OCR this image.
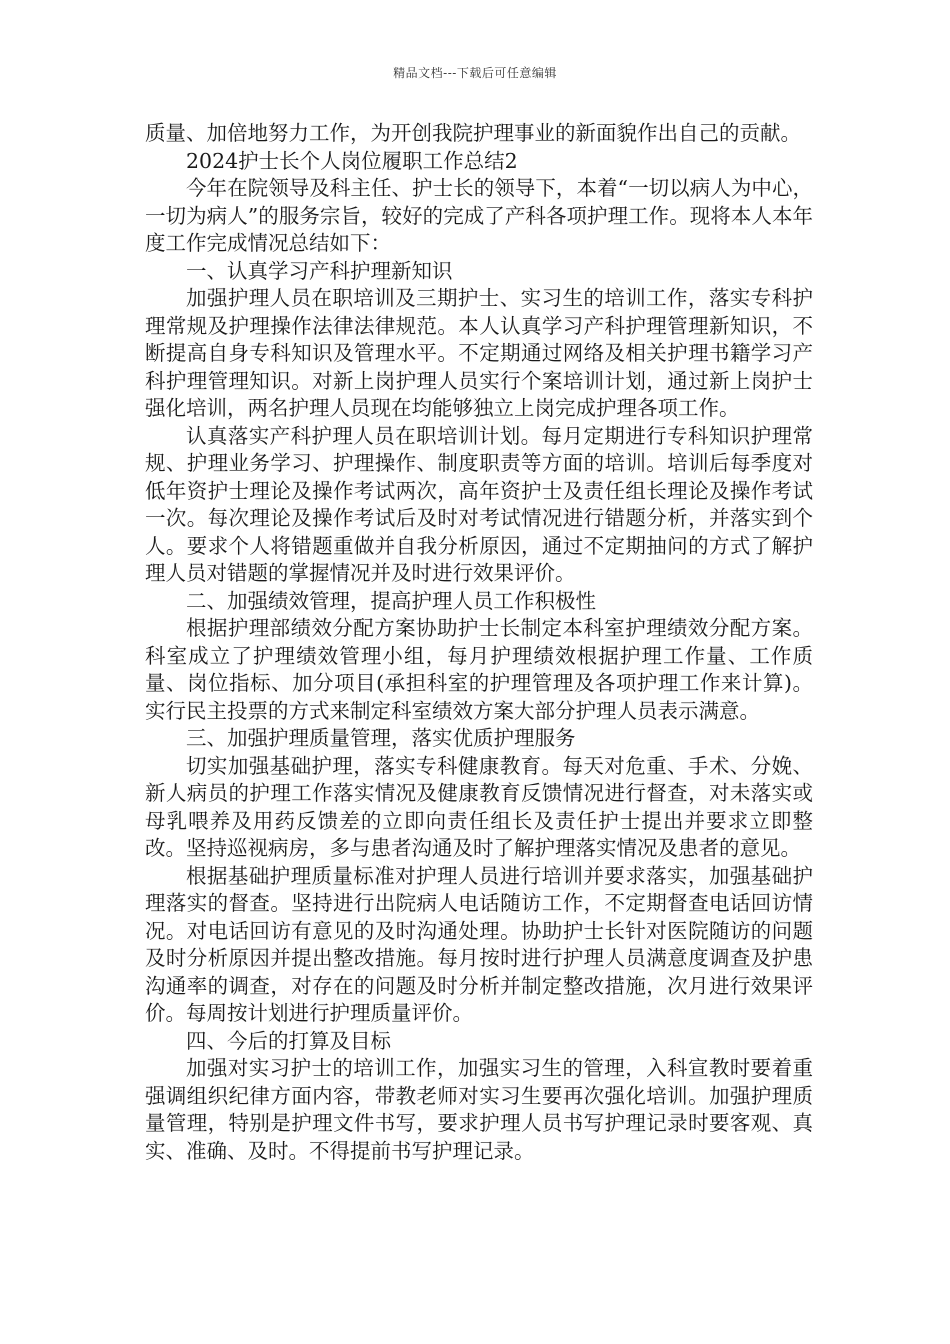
精品文档---下载后可任意编辑

质量、加倍地努力工作，为开创我院护理事业的新面貌作出自己的贡献。

2024护士长个人岗位履职工作总结2

今年在院领导及科主任、护士长的领导下，本着“一切以病人为中心，一切为病人”的服务宗旨，较好的完成了产科各项护理工作。现将本人本年度工作完成情况总结如下：

一、认真学习产科护理新知识

加强护理人员在职培训及三期护士、实习生的培训工作，落实专科护理常规及护理操作法律法律规范。本人认真学习产科护理管理新知识，不断提高自身专科知识及管理水平。不定期通过网络及相关护理书籍学习产科护理管理知识。对新上岗护理人员实行个案培训计划，通过新上岗护士强化培训，两名护理人员现在均能够独立上岗完成护理各项工作。

认真落实产科护理人员在职培训计划。每月定期进行专科知识护理常规、护理业务学习、护理操作、制度职责等方面的培训。培训后每季度对低年资护士理论及操作考试两次，高年资护士及责任组长理论及操作考试一次。每次理论及操作考试后及时对考试情况进行错题分析，并落实到个人。要求个人将错题重做并自我分析原因，通过不定期抽问的方式了解护理人员对错题的掌握情况并及时进行效果评价。

二、加强绩效管理，提高护理人员工作积极性

根据护理部绩效分配方案协助护士长制定本科室护理绩效分配方案。科室成立了护理绩效管理小组，每月护理绩效根据护理工作量、工作质量、岗位指标、加分项目(承担科室的护理管理及各项护理工作来计算)。实行民主投票的方式来制定科室绩效方案大部分护理人员表示满意。

三、加强护理质量管理，落实优质护理服务

切实加强基础护理，落实专科健康教育。每天对危重、手术、分娩、新人病员的护理工作落实情况及健康教育反馈情况进行督查，对未落实或母乳喂养及用药反馈差的立即向责任组长及责任护士提出并要求立即整改。坚持巡视病房，多与患者沟通及时了解护理落实情况及患者的意见。

根据基础护理质量标准对护理人员进行培训并要求落实，加强基础护理落实的督查。坚持进行出院病人电话随访工作，不定期督查电话回访情况。对电话回访有意见的及时沟通处理。协助护士长针对医院随访的问题及时分析原因并提出整改措施。每月按时进行护理人员满意度调查及护患沟通率的调查，对存在的问题及时分析并制定整改措施，次月进行效果评价。每周按计划进行护理质量评价。

四、今后的打算及目标

加强对实习护士的培训工作，加强实习生的管理，入科宣教时要着重强调组织纪律方面内容，带教老师对实习生要再次强化培训。加强护理质量管理，特别是护理文件书写，要求护理人员书写护理记录时要客观、真实、准确、及时。不得提前书写护理记录。
